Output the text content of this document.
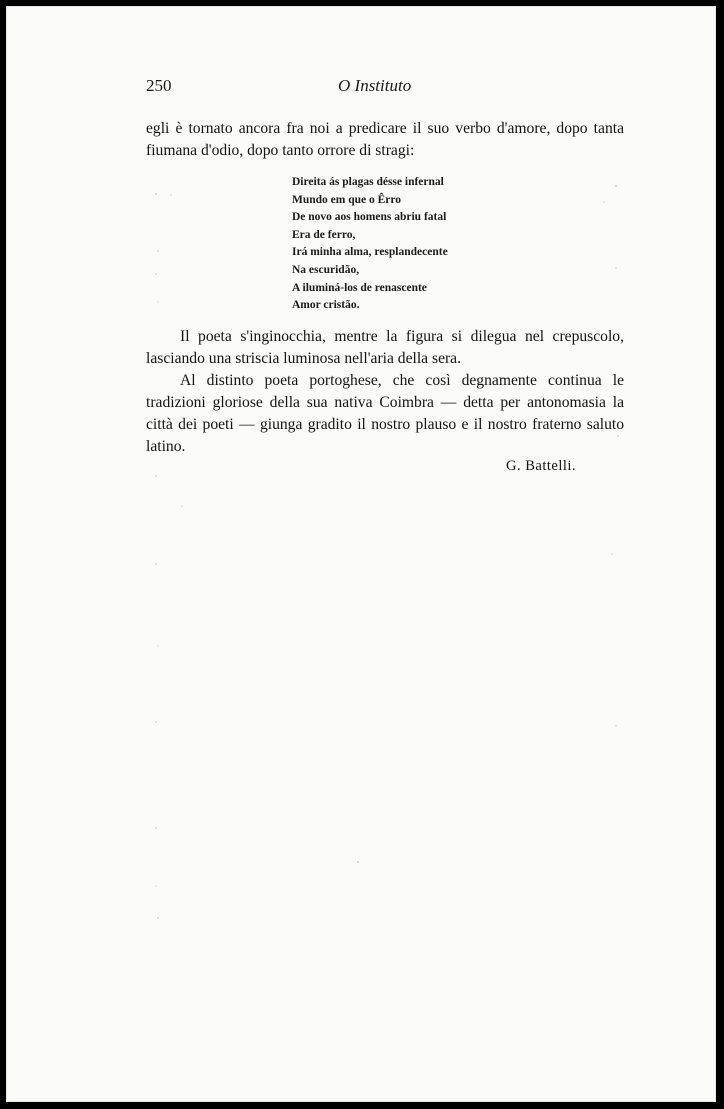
250	O Instituto

egli è tornato ancora fra noi a predicare il suo verbo d'amore, dopo tanta fiumana d'odio, dopo tanto orrore di stragi:

Direita ás plagas désse infernal
Mundo em que o Êrro
De novo aos homens abriu fatal
Era de ferro,
Irá minha alma, resplandecente
Na escuridão,
A iluminá-los de renascente
Amor cristão.

Il poeta s'inginocchia, mentre la figura si dilegua nel crepuscolo, lasciando una striscia luminosa nell'aria della sera.

Al distinto poeta portoghese, che così degnamente continua le tradizioni gloriose della sua nativa Coimbra — detta per antonomasia la città dei poeti — giunga gradito il nostro plauso e il nostro fraterno saluto latino.

G. Battelli.
